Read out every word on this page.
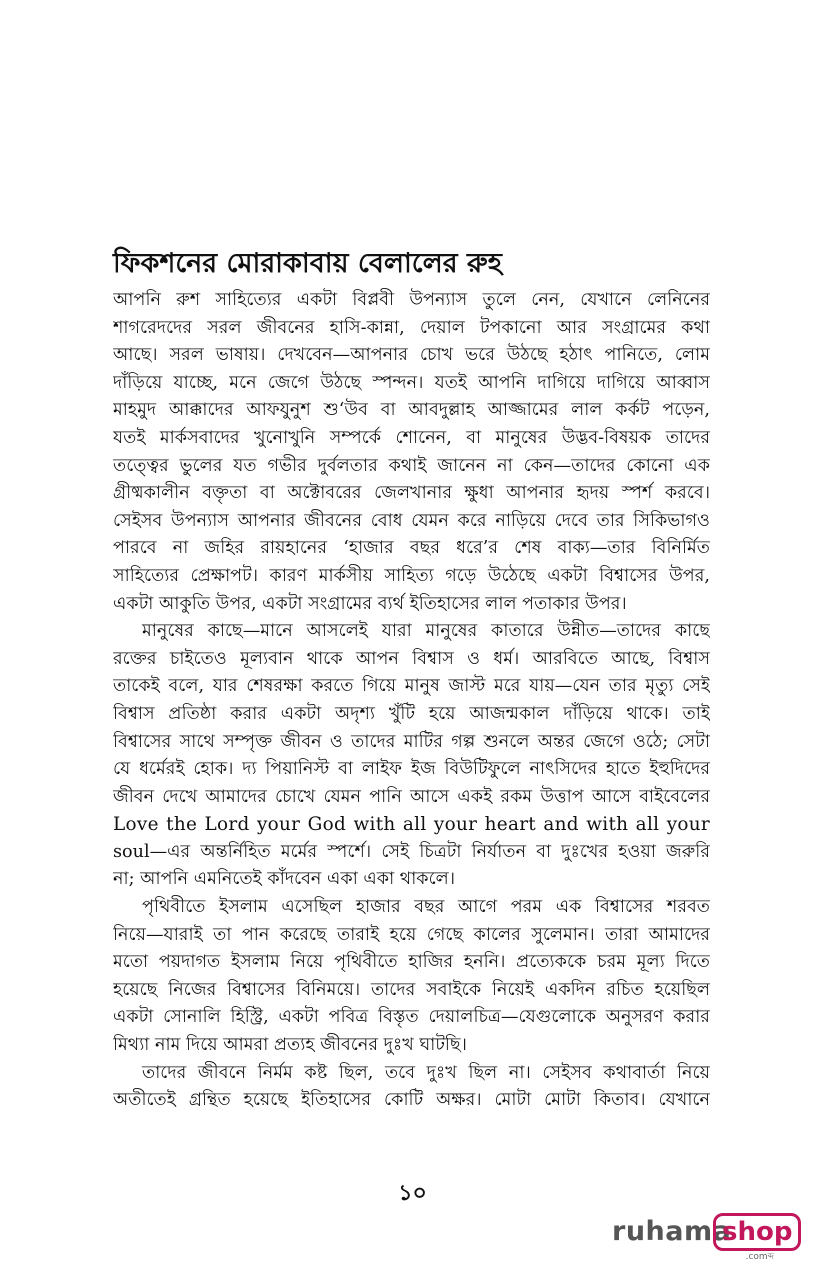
ফিকশনের মোরাকাবায় বেলালের রুহ
আপনি রুশ সাহিত্যের একটা বিপ্লবী উপন্যাস তুলে নেন, যেখানে লেনিনের
শাগরেদদের সরল জীবনের হাসি-কান্না, দেয়াল টপকানো আর সংগ্রামের কথা
আছে। সরল ভাষায়। দেখবেন—আপনার চোখ ভরে উঠছে হঠাৎ পানিতে, লোম
দাঁড়িয়ে যাচ্ছে, মনে জেগে উঠছে স্পন্দন। যতই আপনি দাগিয়ে দাগিয়ে আব্বাস
মাহমুদ আক্কাদের আফযুনুশ শু‘উব বা আবদুল্লাহ আজ্জামের লাল কর্কট পড়েন,
যতই মার্কসবাদের খুনোখুনি সম্পর্কে শোনেন, বা মানুষের উদ্ভব-বিষয়ক তাদের
তত্ত্বের ভুলের যত গভীর দুর্বলতার কথাই জানেন না কেন—তাদের কোনো এক
গ্রীষ্মকালীন বক্তৃতা বা অক্টোবরের জেলখানার ক্ষুধা আপনার হৃদয় স্পর্শ করবে।
সেইসব উপন্যাস আপনার জীবনের বোধ যেমন করে নাড়িয়ে দেবে তার সিকিভাগও
পারবে না জহির রায়হানের ‘হাজার বছর ধরে’র শেষ বাক্য—তার বিনির্মিত
সাহিত্যের প্রেক্ষাপট। কারণ মার্কসীয় সাহিত্য গড়ে উঠেছে একটা বিশ্বাসের উপর,
একটা আকুতি উপর, একটা সংগ্রামের ব্যর্থ ইতিহাসের লাল পতাকার উপর।
মানুষের কাছে—মানে আসলেই যারা মানুষের কাতারে উন্নীত—তাদের কাছে
রক্তের চাইতেও মূল্যবান থাকে আপন বিশ্বাস ও ধর্ম। আরবিতে আছে, বিশ্বাস
তাকেই বলে, যার শেষরক্ষা করতে গিয়ে মানুষ জাস্ট মরে যায়—যেন তার মৃত্যু সেই
বিশ্বাস প্রতিষ্ঠা করার একটা অদৃশ্য খুঁটি হয়ে আজন্মকাল দাঁড়িয়ে থাকে। তাই
বিশ্বাসের সাথে সম্পৃক্ত জীবন ও তাদের মাটির গল্প শুনলে অন্তর জেগে ওঠে; সেটা
যে ধর্মেরই হোক। দ্য পিয়ানিস্ট বা লাইফ ইজ বিউটিফুলে নাৎসিদের হাতে ইহুদিদের
জীবন দেখে আমাদের চোখে যেমন পানি আসে একই রকম উত্তাপ আসে বাইবেলের
Love the Lord your God with all your heart and with all your
soul—এর অন্তর্নিহিত মর্মের স্পর্শে। সেই চিত্রটা নির্যাতন বা দুঃখের হওয়া জরুরি
না; আপনি এমনিতেই কাঁদবেন একা একা থাকলে।
পৃথিবীতে ইসলাম এসেছিল হাজার বছর আগে পরম এক বিশ্বাসের শরবত
নিয়ে—যারাই তা পান করেছে তারাই হয়ে গেছে কালের সুলেমান। তারা আমাদের
মতো পয়দাগত ইসলাম নিয়ে পৃথিবীতে হাজির হননি। প্রত্যেককে চরম মূল্য দিতে
হয়েছে নিজের বিশ্বাসের বিনিময়ে। তাদের সবাইকে নিয়েই একদিন রচিত হয়েছিল
একটা সোনালি হিস্ট্রি, একটা পবিত্র বিস্তৃত দেয়ালচিত্র—যেগুলোকে অনুসরণ করার
মিথ্যা নাম দিয়ে আমরা প্রত্যহ জীবনের দুঃখ ঘাটছি।
তাদের জীবনে নির্মম কষ্ট ছিল, তবে দুঃখ ছিল না। সেইসব কথাবার্তা নিয়ে
অতীতেই গ্রন্থিত হয়েছে ইতিহাসের কোটি অক্ষর। মোটা মোটা কিতাব। যেখানে

১০

ruhama
shop
.comব্দ
